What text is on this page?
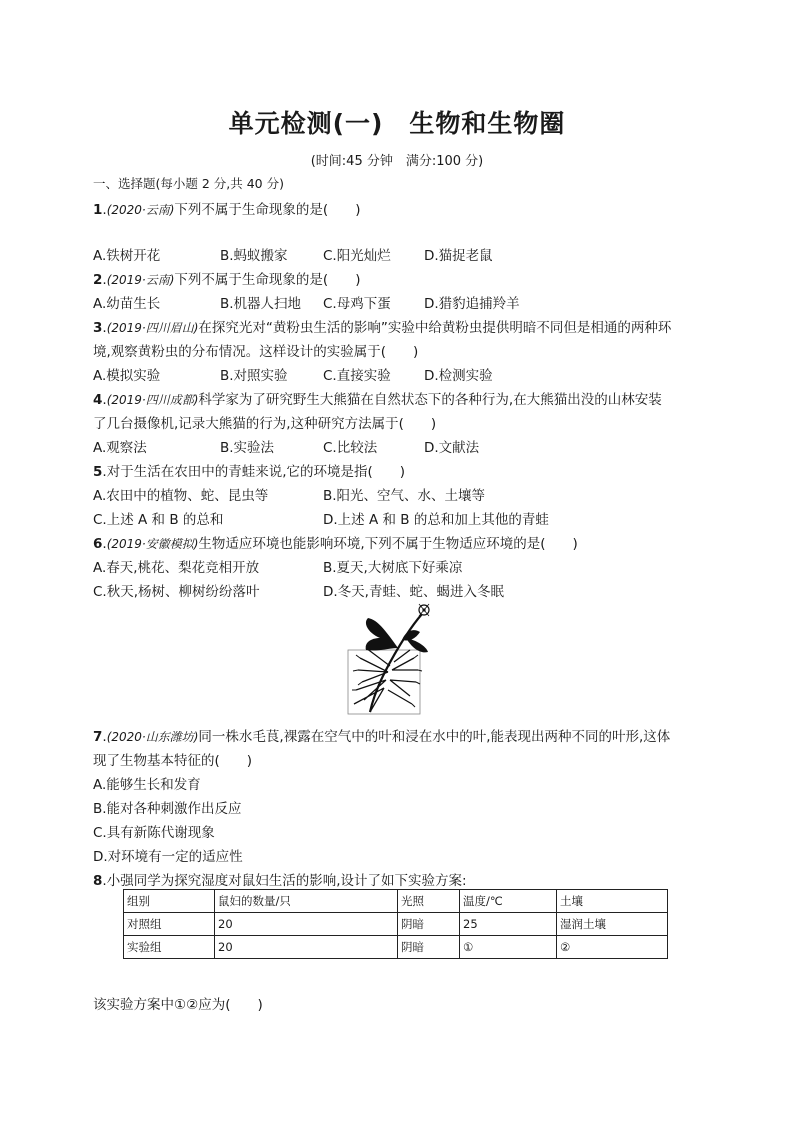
单元检测(一)　生物和生物圈
(时间:45 分钟　满分:100 分)
一、选择题(每小题 2 分,共 40 分)
1.(2020·云南)下列不属于生命现象的是(　　)
A.铁树开花	B.蚂蚁搬家	C.阳光灿烂 D.猫捉老鼠
2.(2019·云南)下列不属于生命现象的是(　　)
A.幼苗生长	B.机器人扫地 C.母鸡下蛋 D.猎豹追捕羚羊
3.(2019·四川眉山)在探究光对“黄粉虫生活的影响”实验中给黄粉虫提供明暗不同但是相通的两种环
境,观察黄粉虫的分布情况。这样设计的实验属于(　　)
A.模拟实验	B.对照实验	C.直接实验 D.检测实验
4.(2019·四川成都)科学家为了研究野生大熊猫在自然状态下的各种行为,在大熊猫出没的山林安装
了几台摄像机,记录大熊猫的行为,这种研究方法属于(　　)
A.观察法	B.实验法	C.比较法	D.文献法
5.对于生活在农田中的青蛙来说,它的环境是指(　　)
A.农田中的植物、蛇、昆虫等	B.阳光、空气、水、土壤等
C.上述 A 和 B 的总和	D.上述 A 和 B 的总和加上其他的青蛙
6.(2019·安徽模拟)生物适应环境也能影响环境,下列不属于生物适应环境的是(　　)
A.春天,桃花、梨花竞相开放	B.夏天,大树底下好乘凉
C.秋天,杨树、柳树纷纷落叶	D.冬天,青蛙、蛇、蝎进入冬眠
7.(2020·山东潍坊)同一株水毛茛,裸露在空气中的叶和浸在水中的叶,能表现出两种不同的叶形,这体
现了生物基本特征的(　　)
A.能够生长和发育
B.能对各种刺激作出反应
C.具有新陈代谢现象
D.对环境有一定的适应性
8.小强同学为探究湿度对鼠妇生活的影响,设计了如下实验方案:
组别	鼠妇的数量/只	光照	温度/℃	土壤
对照组	20	阴暗	25	湿润土壤
实验组	20	阴暗	①	②
该实验方案中①②应为(　　)
